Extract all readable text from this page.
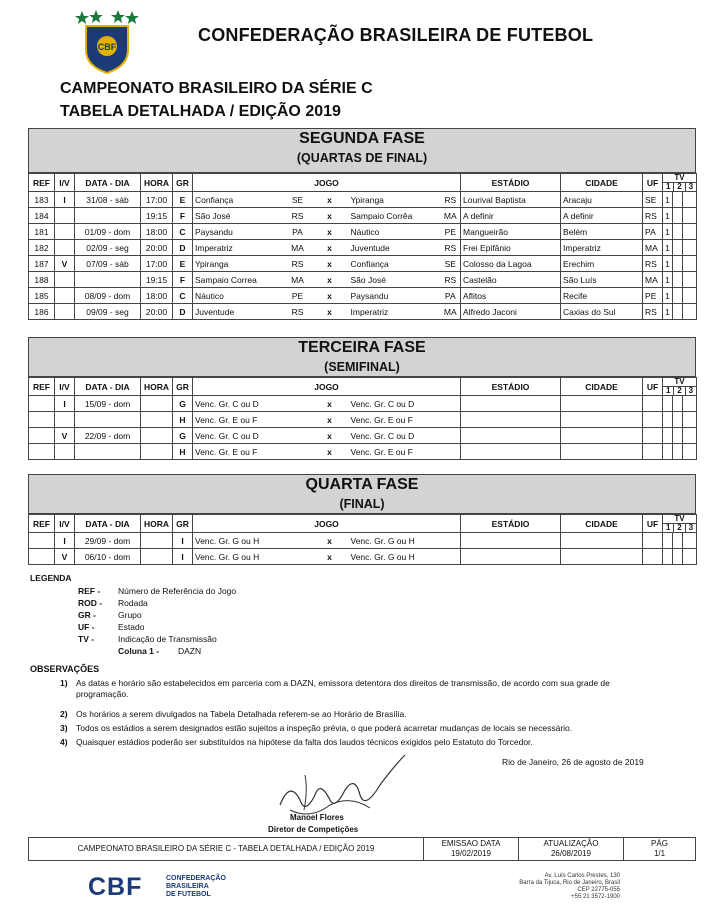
CBF
CONFEDERAÇÃO BRASILEIRA DE FUTEBOL
CAMPEONATO BRASILEIRO DA SÉRIE C
TABELA DETALHADA / EDIÇÃO 2019
SEGUNDA FASE
(QUARTAS DE FINAL)
REF	I/V	DATA - DIA	HORA	GR	JOGO					ESTÁDIO	CIDADE	UF	TV
1 2 3		

183	I	31/08 - sáb	17:00	E	Confiança	SE	x	Ypiranga	RS	Lourival Baptista	Aracaju	SE	1		
184			19:15	F	São José	RS	x	Sampaio Corrêa	MA	A definir	A definir	RS	1		
181		01/09 - dom	18:00	C	Paysandu	PA	x	Náutico	PE	Mangueirão	Belém	PA	1		
182		02/09 - seg	20:00	D	Imperatriz	MA	x	Juventude	RS	Frei Epifânio	Imperatriz	MA	1		
187	V	07/09 - sáb	17:00	E	Ypiranga	RS	x	Confiança	SE	Colosso da Lagoa	Erechim	RS	1		
188			19:15	F	Sampaio Correa	MA	x	São José	RS	Castelão	São Luís	MA	1		
185		08/09 - dom	18:00	C	Náutico	PE	x	Paysandu	PA	Aflitos	Recife	PE	1		
186		09/09 - seg	20:00	D	Juventude	RS	x	Imperatriz	MA	Alfredo Jaconi	Caxias do Sul	RS	1		
TERCEIRA FASE
(SEMIFINAL)
REF	I/V	DATA - DIA	HORA	GR	JOGO					ESTÁDIO	CIDADE	UF	TV
1 2 3		

	I	15/09 - dom		G	Venc. Gr. C ou D		x	Venc. Gr. C ou D							
				H	Venc. Gr. E ou F		x	Venc. Gr. E ou F							
	V	22/09 - dom		G	Venc. Gr. C ou D		x	Venc. Gr. C ou D							
				H	Venc. Gr. E ou F		x	Venc. Gr. E ou F							
QUARTA FASE
(FINAL)
REF	I/V	DATA - DIA	HORA	GR	JOGO					ESTÁDIO	CIDADE	UF	TV
1 2 3		

	I	29/09 - dom		I	Venc. Gr. G ou H		x	Venc. Gr. G ou H							
	V	06/10 - dom		I	Venc. Gr. G ou H		x	Venc. Gr. G ou H							
LEGENDA
REF - Número de Referência do Jogo
ROD - Rodada
GR -	Grupo
UF -	Estado
TV -	Indicação de Transmissão
Coluna 1 - DAZN
OBSERVAÇÕES
1) As datas e horário são estabelecidos em parceria com a DAZN, emissora detentora dos direitos de transmissão, de acordo com sua grade de programação.
2) Os horários a serem divulgados na Tabela Detalhada referem-se ao Horário de Brasília.
3) Todos os estádios a serem designados estão sujeitos a inspeção prévia, o que poderá acarretar mudanças de locais se necessário.
4) Quaisquer estádios poderão ser substituídos na hipótese da falta dos laudos técnicos exigidos pelo Estatuto do Torcedor.
Rio de Janeiro, 26 de agosto de 2019
Manoel Flores
Diretor de Competições
CAMPEONATO BRASILEIRO DA SÉRIE C - TABELA DETALHADA / EDIÇÃO 2019	
EMISSAO DATA
19/02/2019

ATUALIZAÇÃO
26/08/2019

PÁG
1/1
CBF	CONFEDERAÇÃO
BRASILEIRA
DE FUTEBOL
Av. Luís Carlos Prestes, 130
Barra da Tijuca, Rio de Janeiro, Brasil
CEP 22775-055
+55 21 3572-1900
